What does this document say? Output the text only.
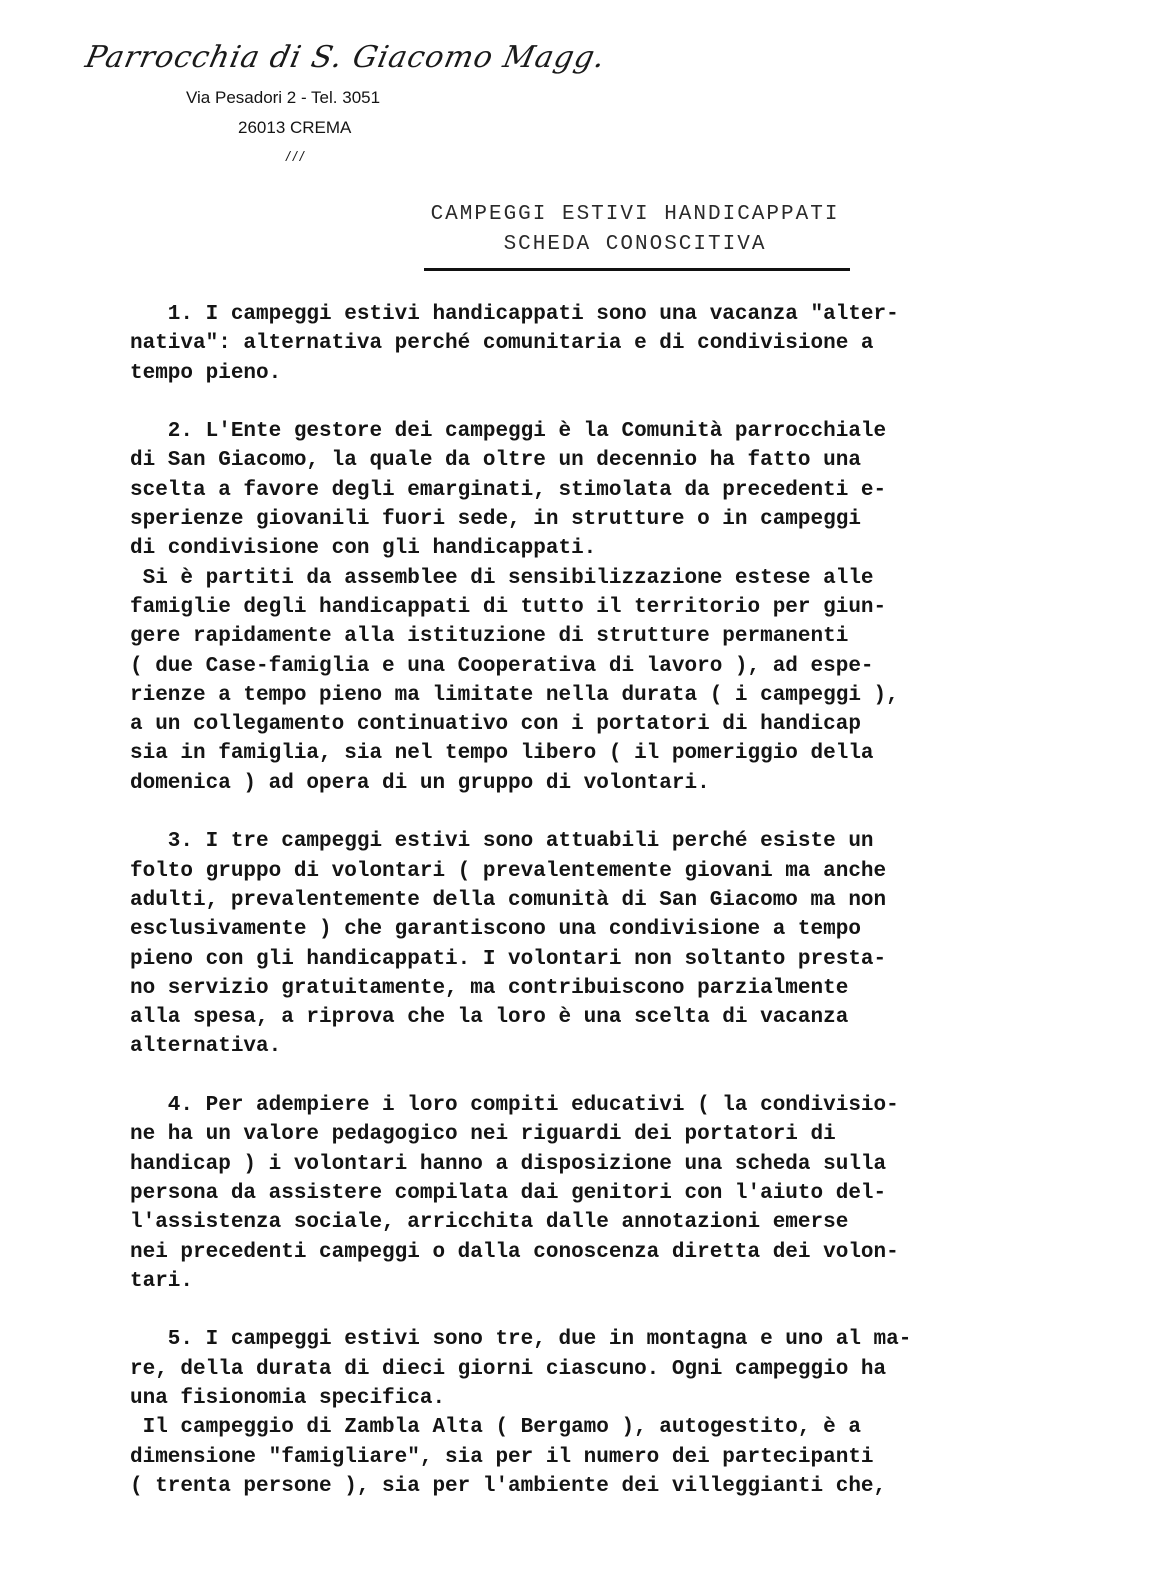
Parrocchia di S. Giacomo Magg.
Via Pesadori 2 - Tel. 3051
26013 CREMA
///
CAMPEGGI ESTIVI HANDICAPPATI
SCHEDA CONOSCITIVA
1. I campeggi estivi handicappati sono una vacanza "alter-
nativa": alternativa perché comunitaria e di condivisione a
tempo pieno.
2. L'Ente gestore dei campeggi è la Comunità parrocchiale
di San Giacomo, la quale da oltre un decennio ha fatto una
scelta a favore degli emarginati, stimolata da precedenti e-
sperienze giovanili fuori sede, in strutture o in campeggi
di condivisione con gli handicappati.
Si è partiti da assemblee di sensibilizzazione estese alle
famiglie degli handicappati di tutto il territorio per giun-
gere rapidamente alla istituzione di strutture permanenti
( due Case-famiglia e una Cooperativa di lavoro ), ad espe-
rienze a tempo pieno ma limitate nella durata ( i campeggi ),
a un collegamento continuativo con i portatori di handicap
sia in famiglia, sia nel tempo libero ( il pomeriggio della
domenica ) ad opera di un gruppo di volontari.
3. I tre campeggi estivi sono attuabili perché esiste un
folto gruppo di volontari ( prevalentemente giovani ma anche
adulti, prevalentemente della comunità di San Giacomo ma non
esclusivamente ) che garantiscono una condivisione a tempo
pieno con gli handicappati. I volontari non soltanto presta-
no servizio gratuitamente, ma contribuiscono parzialmente
alla spesa, a riprova che la loro è una scelta di vacanza
alternativa.
4. Per adempiere i loro compiti educativi ( la condivisio-
ne ha un valore pedagogico nei riguardi dei portatori di
handicap ) i volontari hanno a disposizione una scheda sulla
persona da assistere compilata dai genitori con l'aiuto del-
l'assistenza sociale, arricchita dalle annotazioni emerse
nei precedenti campeggi o dalla conoscenza diretta dei volon-
tari.
5. I campeggi estivi sono tre, due in montagna e uno al ma-
re, della durata di dieci giorni ciascuno. Ogni campeggio ha
una fisionomia specifica.
Il campeggio di Zambla Alta ( Bergamo ), autogestito, è a
dimensione "famigliare", sia per il numero dei partecipanti
( trenta persone ), sia per l'ambiente dei villeggianti che,
